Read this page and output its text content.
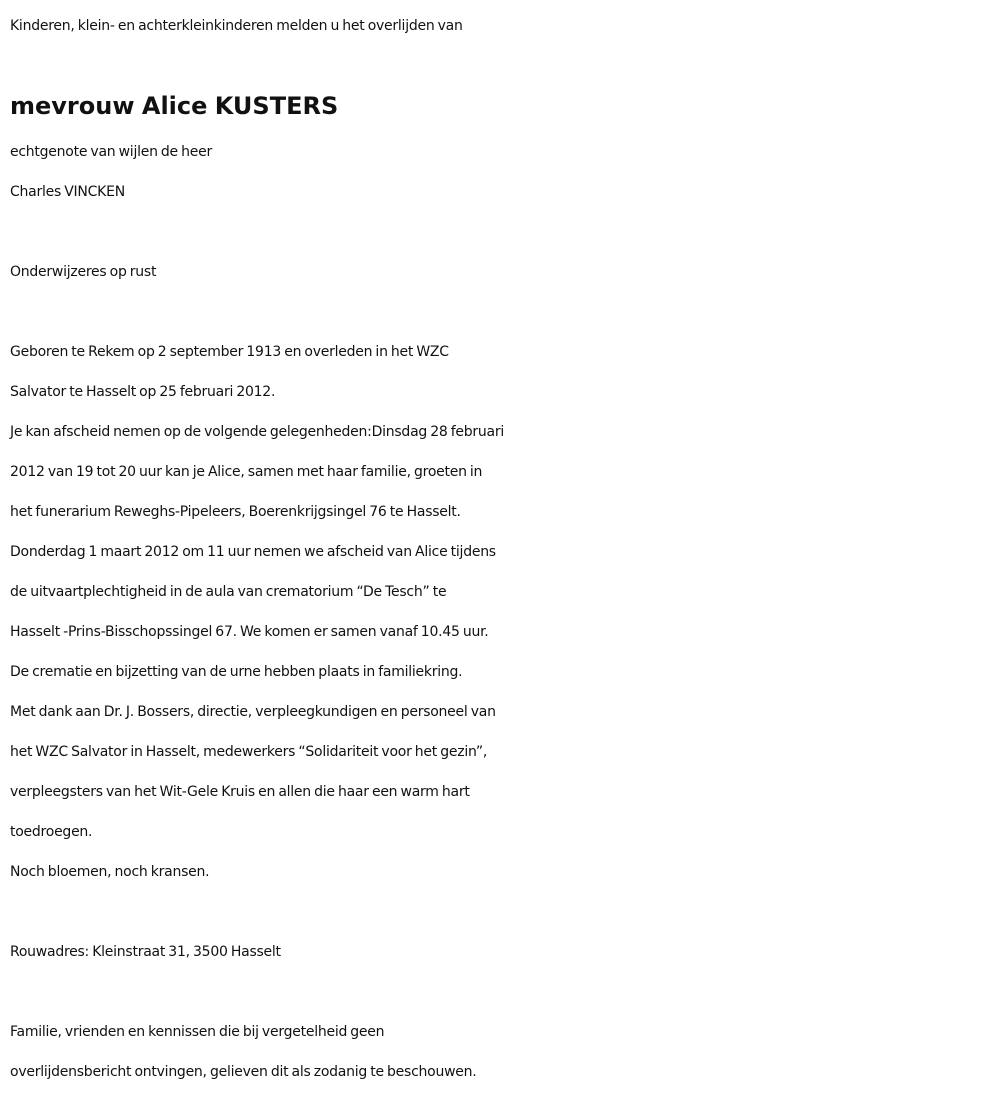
Kinderen, klein- en achterkleinkinderen melden u het overlijden van
mevrouw Alice KUSTERS
echtgenote van wijlen de heer
Charles VINCKEN
Onderwijzeres op rust
Geboren te Rekem op 2 september 1913 en overleden in het WZC
Salvator te Hasselt op 25 februari 2012.
Je kan afscheid nemen op de volgende gelegenheden:Dinsdag 28 februari
2012 van 19 tot 20 uur kan je Alice, samen met haar familie, groeten in
het funerarium Reweghs-Pipeleers, Boerenkrijgsingel 76 te Hasselt.
Donderdag 1 maart 2012 om 11 uur nemen we afscheid van Alice tijdens
de uitvaartplechtigheid in de aula van crematorium “De Tesch” te
Hasselt -Prins-Bisschopssingel 67. We komen er samen vanaf 10.45 uur.
De crematie en bijzetting van de urne hebben plaats in familiekring.
Met dank aan Dr. J. Bossers, directie, verpleegkundigen en personeel van
het WZC Salvator in Hasselt, medewerkers “Solidariteit voor het gezin”,
verpleegsters van het Wit-Gele Kruis en allen die haar een warm hart
toedroegen.
Noch bloemen, noch kransen.
Rouwadres: Kleinstraat 31, 3500 Hasselt
Familie, vrienden en kennissen die bij vergetelheid geen
overlijdensbericht ontvingen, gelieven dit als zodanig te beschouwen.
